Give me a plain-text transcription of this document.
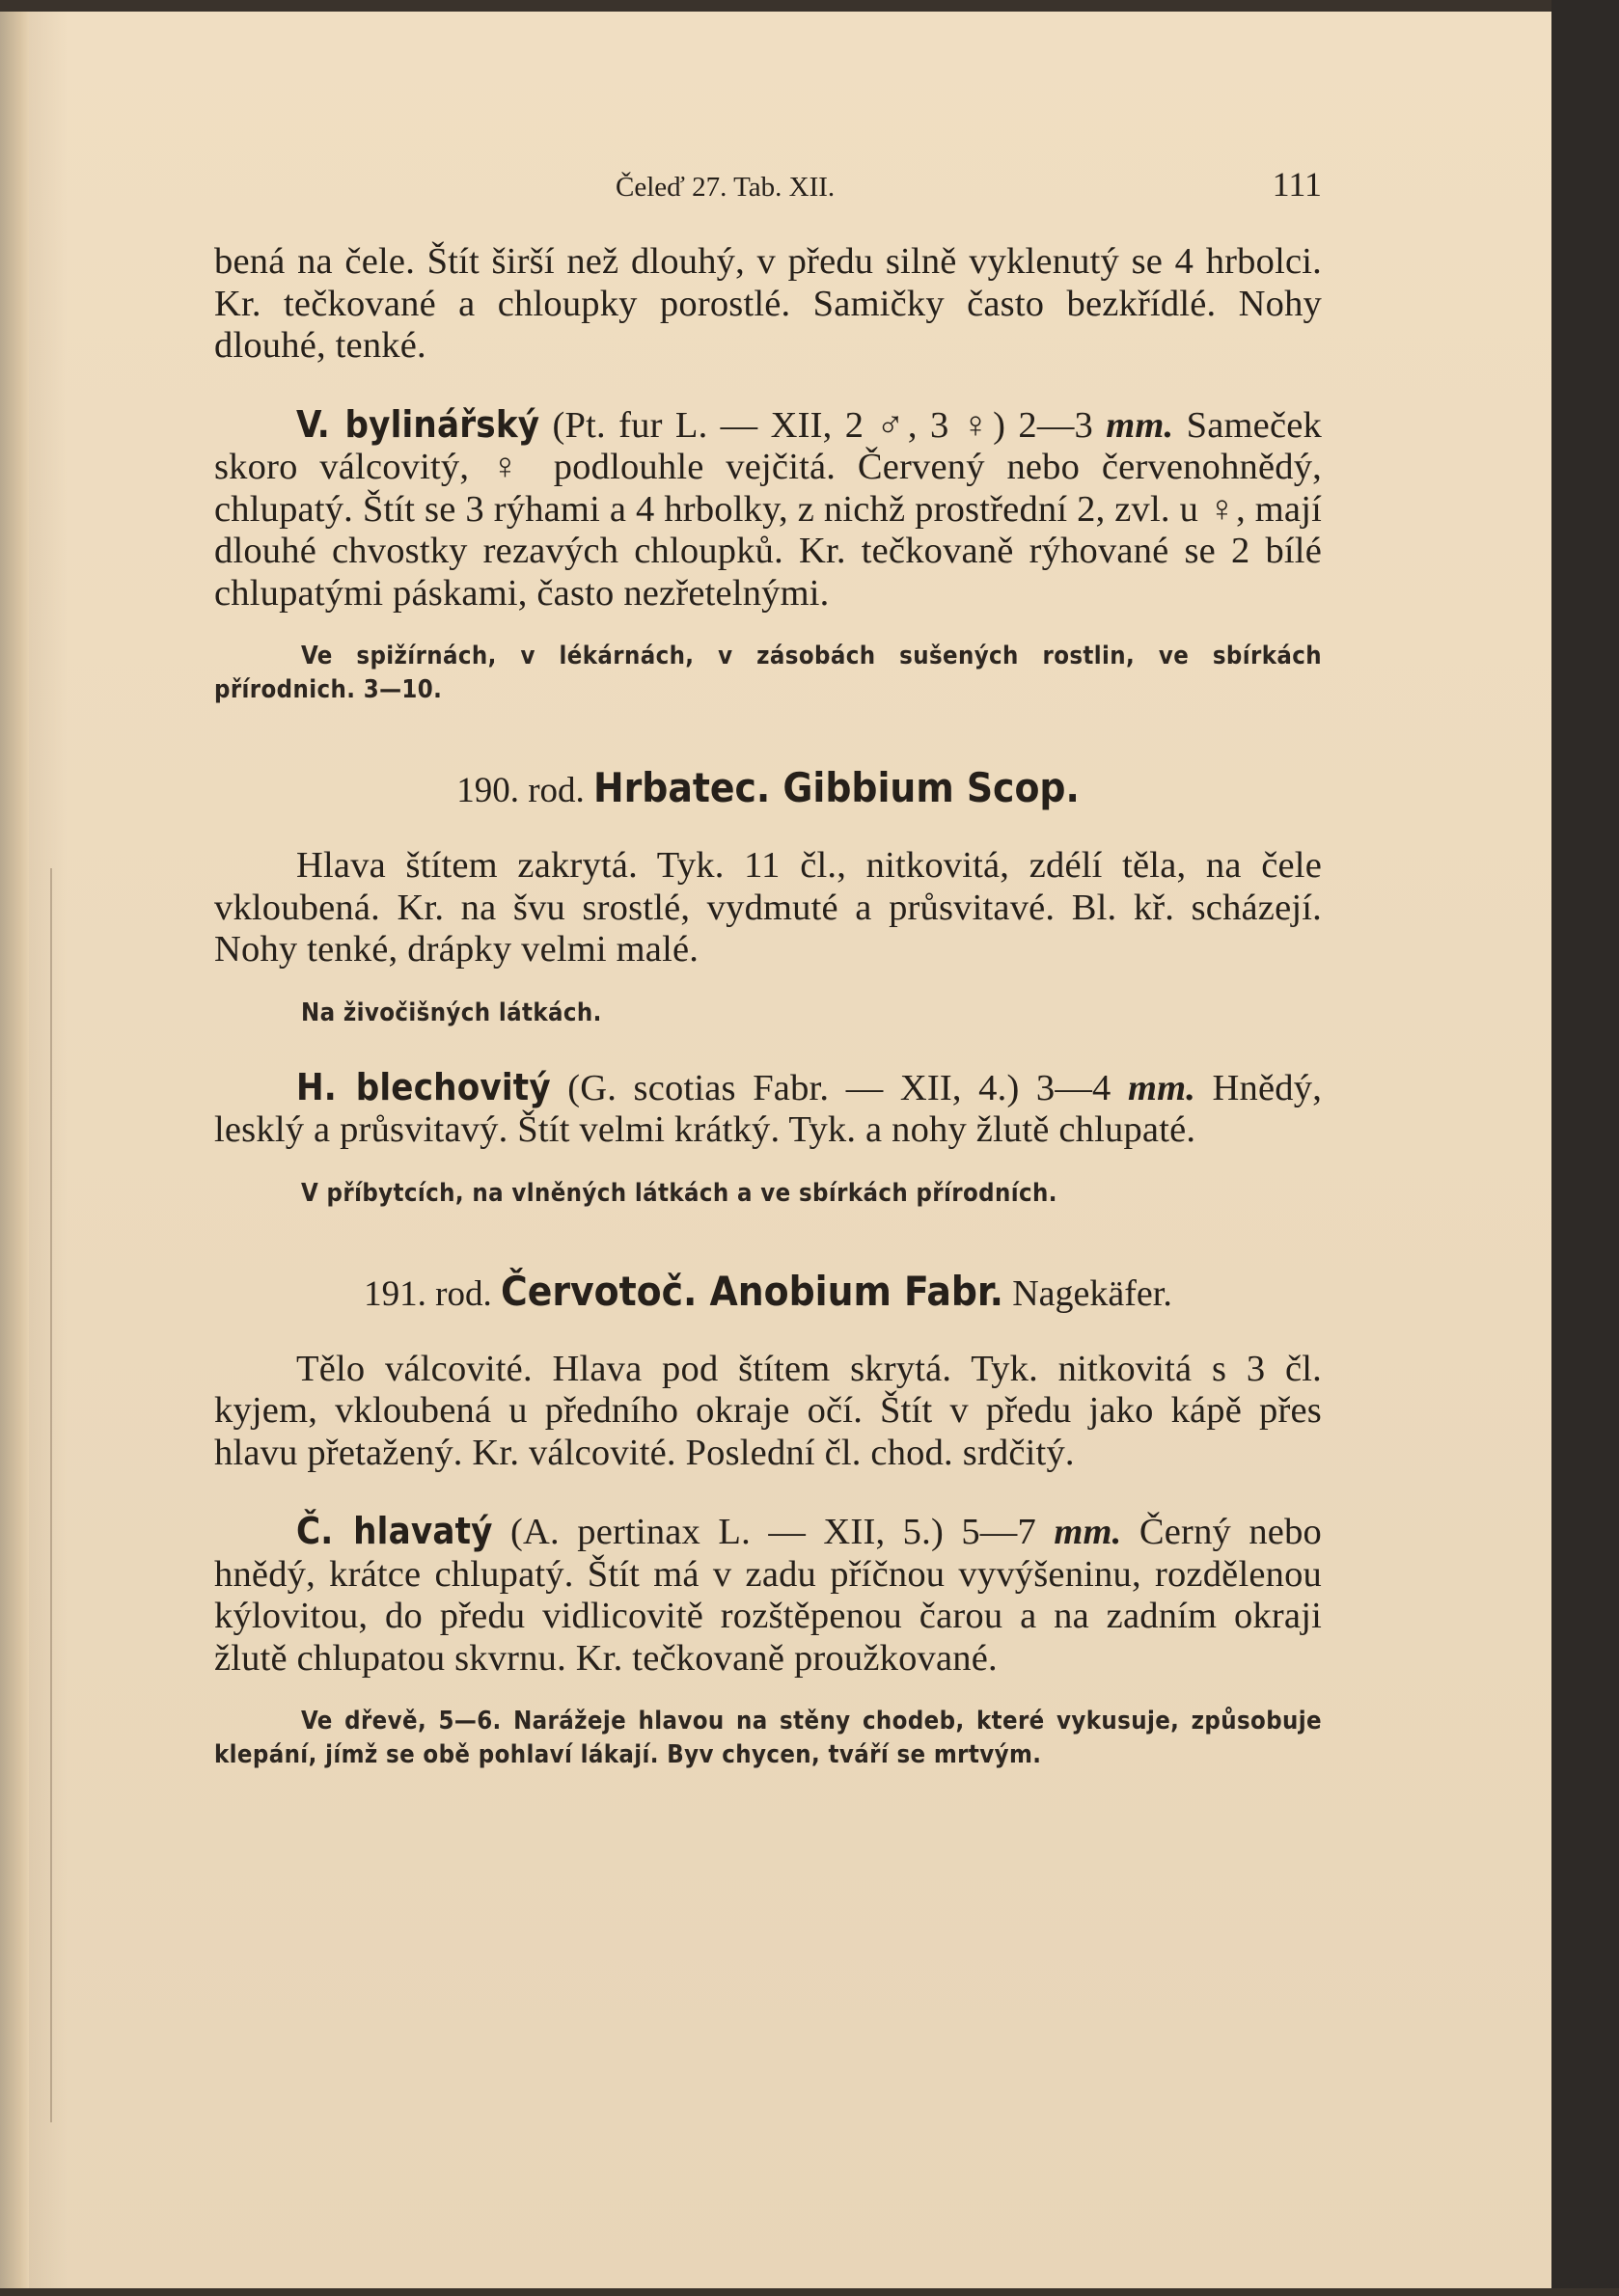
Čeleď 27. Tab. XII.	111

bená na čele. Štít širší než dlouhý, v předu silně vyklenutý se 4 hrbolci. Kr. tečkované a chloupky porostlé. Samičky často bezkřídlé. Nohy dlouhé, tenké.

V. bylinářský (Pt. fur L. — XII, 2 ♂, 3 ♀) 2—3 mm. Sameček skoro válcovitý, ♀ podlouhle vejčitá. Červený nebo červenohnědý, chlupatý. Štít se 3 rýhami a 4 hrbolky, z nichž prostřední 2, zvl. u ♀, mají dlouhé chvostky rezavých chloupků. Kr. tečkovaně rýhované se 2 bílé chlupatými páskami, často nezřetelnými.

Ve spižírnách, v lékárnách, v zásobách sušených rostlin, ve sbírkách přírodnich. 3—10.

190. rod. Hrbatec. Gibbium Scop.

Hlava štítem zakrytá. Tyk. 11 čl., nitkovitá, zdélí těla, na čele vkloubená. Kr. na švu srostlé, vydmuté a průsvitavé. Bl. kř. scházejí. Nohy tenké, drápky velmi malé.

Na živočišných látkách.

H. blechovitý (G. scotias Fabr. — XII, 4.) 3—4 mm. Hnědý, lesklý a průsvitavý. Štít velmi krátký. Tyk. a nohy žlutě chlupaté.

V příbytcích, na vlněných látkách a ve sbírkách přírodních.

191. rod. Červotoč. Anobium Fabr. Nagekäfer.

Tělo válcovité. Hlava pod štítem skrytá. Tyk. nitkovitá s 3 čl. kyjem, vkloubená u předního okraje očí. Štít v předu jako kápě přes hlavu přetažený. Kr. válcovité. Poslední čl. chod. srdčitý.

Č. hlavatý (A. pertinax L. — XII, 5.) 5—7 mm. Černý nebo hnědý, krátce chlupatý. Štít má v zadu příčnou vyvýšeninu, rozdělenou kýlovitou, do předu vidlicovitě rozštěpenou čarou a na zadním okraji žlutě chlupatou skvrnu. Kr. tečkovaně proužkované.

Ve dřevě, 5—6. Narážeje hlavou na stěny chodeb, které vykusuje, způsobuje klepání, jímž se obě pohlaví lákají. Byv chycen, tváří se mrtvým.
